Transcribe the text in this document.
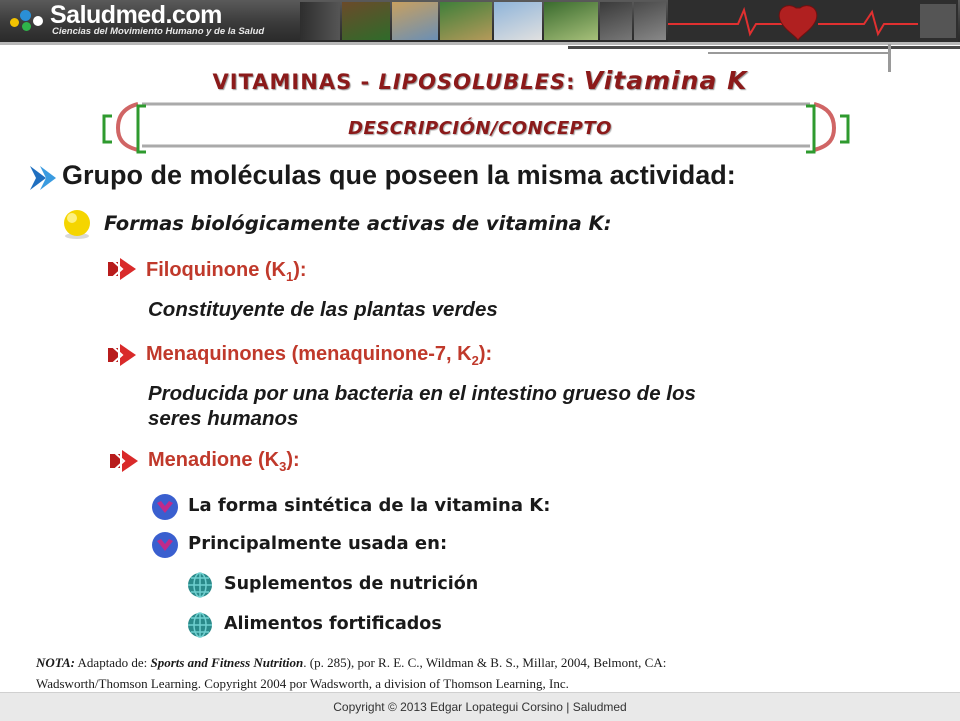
Saludmed.com
Ciencias del Movimiento Humano y de la Salud
VITAMINAS - LIPOSOLUBLES: Vitamina K
DESCRIPCIÓN/CONCEPTO
Grupo de moléculas que poseen la misma actividad:
Formas biológicamente activas de vitamina K:
Filoquinone $(K_1)$:
Constituyente de las plantas verdes
Menaquinones (menaquinone-7, $K_2$):
Producida por una bacteria en el intestino grueso de los
seres humanos
Menadione $(K_3)$:
La forma sintética de la vitamina K:
Principalmente usada en:
Suplementos de nutrición
Alimentos fortificados
NOTA: Adaptado de: Sports and Fitness Nutrition. (p. 285), por R. E. C., Wildman & B. S., Millar, 2004, Belmont, CA:
Wadsworth/Thomson Learning. Copyright 2004 por Wadsworth, a division of Thomson Learning, Inc.
Copyright © 2013 Edgar Lopategui Corsino | Saludmed
